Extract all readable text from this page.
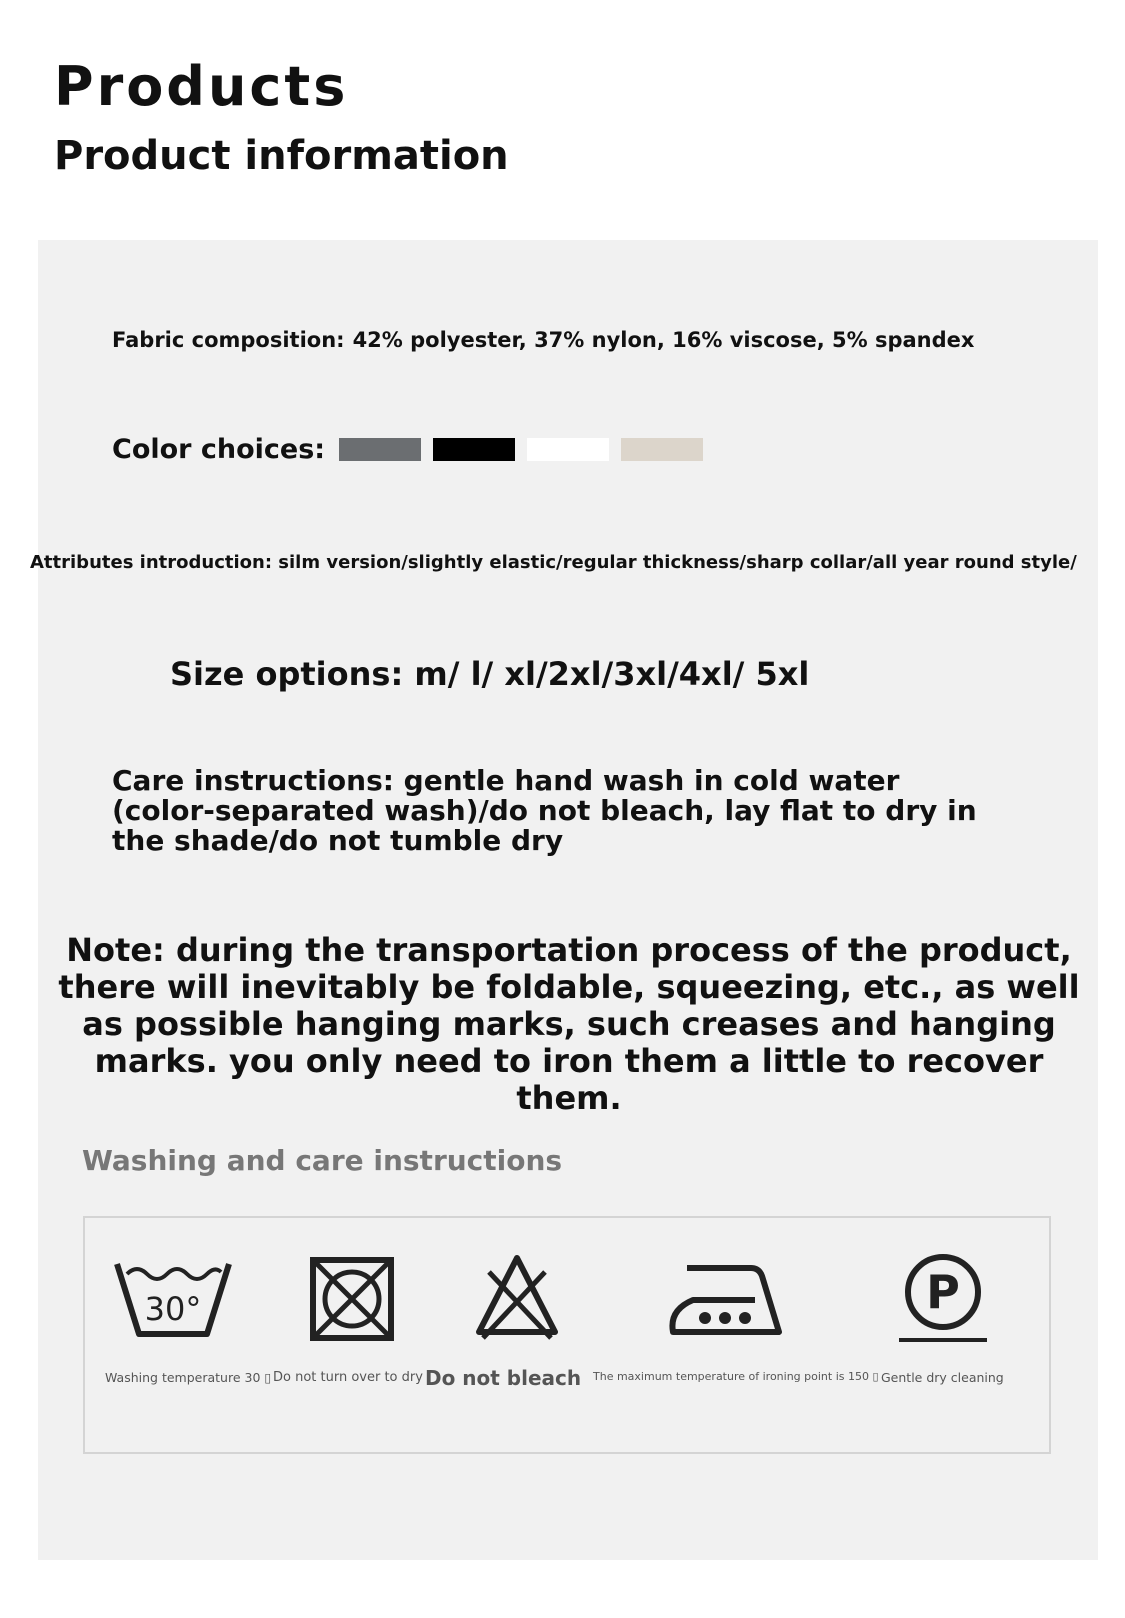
Products
Product information
Fabric composition: 42% polyester, 37% nylon, 16% viscose, 5% spandex
Color choices:
Attributes introduction: silm version/slightly elastic/regular thickness/sharp collar/all year round style/
Size options: m/ l/ xl/2xl/3xl/4xl/ 5xl
Care instructions: gentle hand wash in cold water (color-separated wash)/do not bleach, lay flat to dry in the shade/do not tumble dry
Note: during the transportation process of the product, there will inevitably be foldable, squeezing, etc., as well as possible hanging marks, such creases and hanging marks. you only need to iron them a little to recover them.
Washing and care instructions
30°
Washing temperature 30 ▯ Do not turn over to dry Do not bleach The maximum temperature of ironing point is 150 ▯
P
Gentle dry cleaning
